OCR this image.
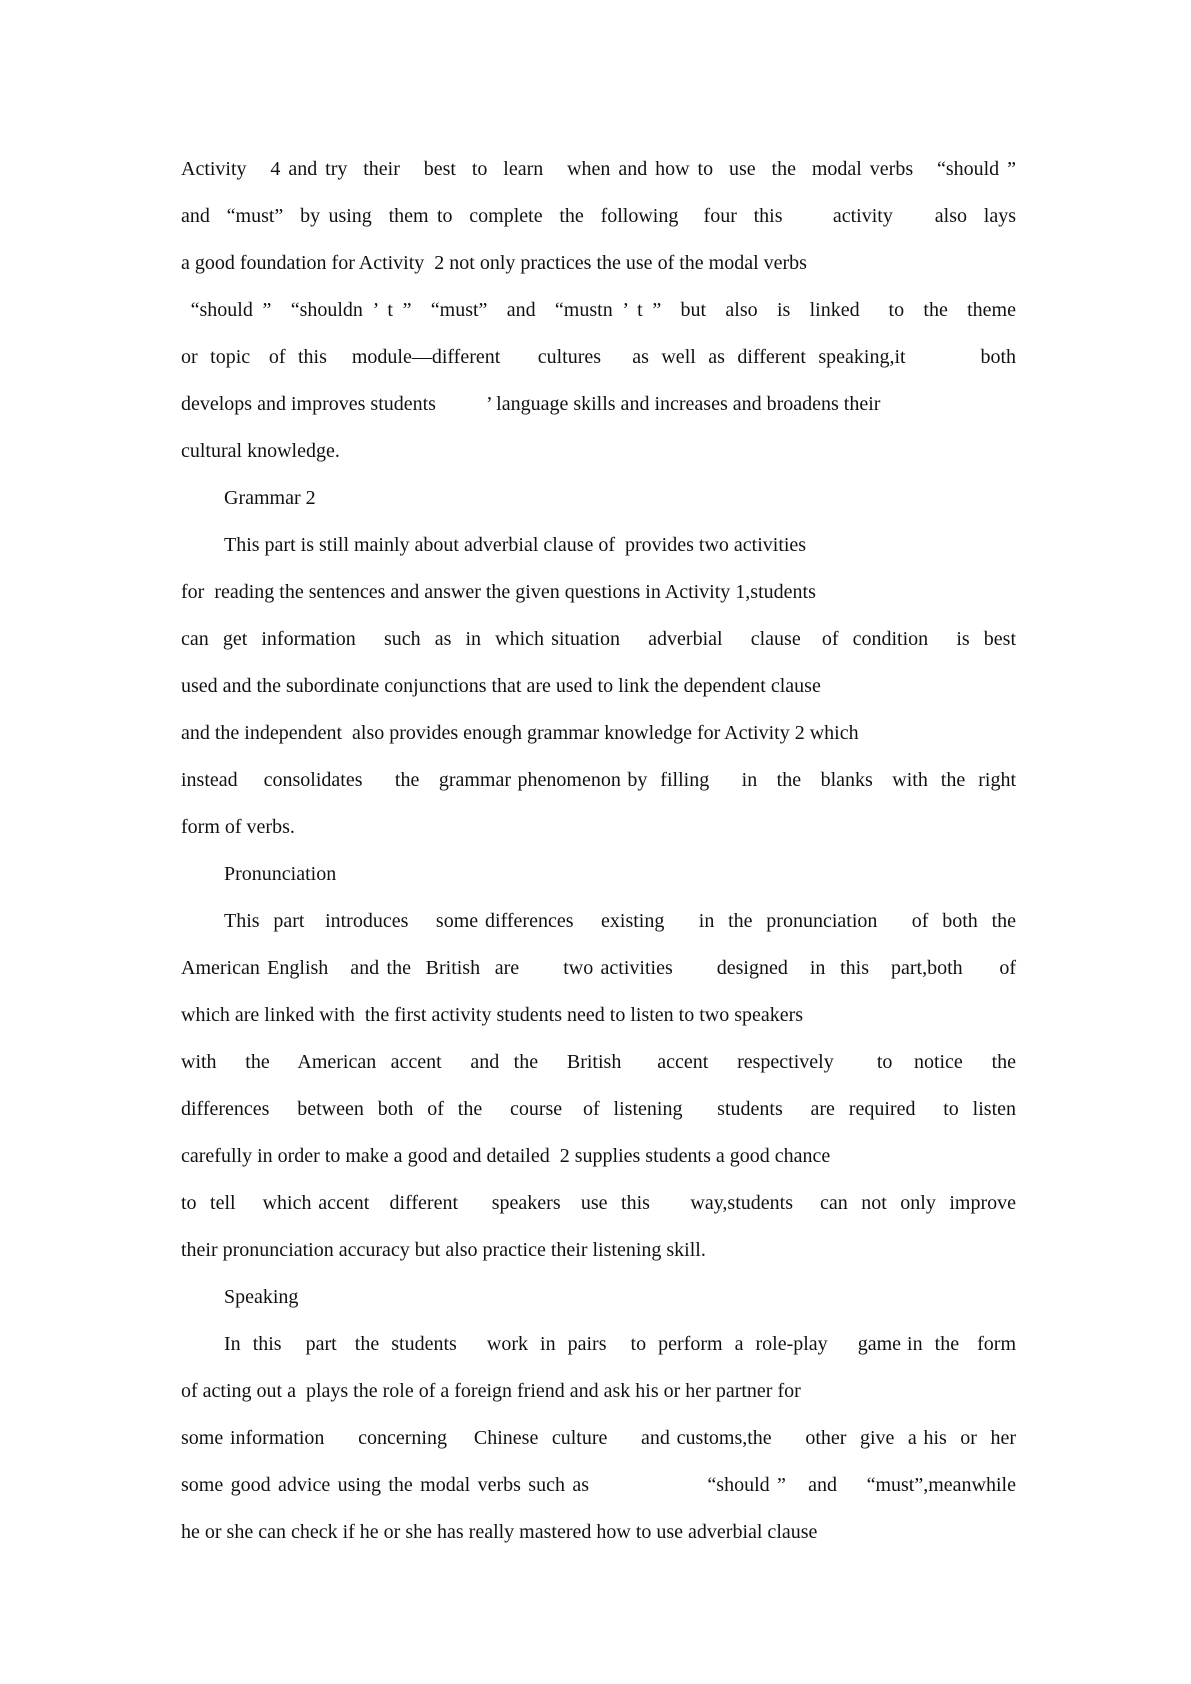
Activity   4 and try  their   best  to  learn   when and how to  use  the  modal verbs   “should ”
and  “must”  by using  them to  complete  the  following   four  this      activity     also  lays
a good foundation for Activity  2 not only practices the use of the modal verbs
“should ”  “shouldn ’ t ”  “must”  and  “mustn ’ t ”  but  also  is  linked   to  the  theme
or  topic   of  this    module—different      cultures     as  well  as  different  speaking,it            both
develops and improves students          ’ language skills and increases and broadens their
cultural knowledge.
Grammar 2
This part is still mainly about adverbial clause of  provides two activities
for  reading the sentences and answer the given questions in Activity 1,students
can  get  information    such  as  in  which situation    adverbial    clause   of  condition    is  best
used and the subordinate conjunctions that are used to link the dependent clause
and the independent  also provides enough grammar knowledge for Activity 2 which
instead    consolidates     the   grammar phenomenon by  filling     in   the   blanks   with  the  right
form of verbs.
Pronunciation
This  part   introduces    some differences    existing     in  the  pronunciation     of  both  the
American English   and the  British  are      two activities      designed   in  this   part,both     of
which are linked with  the first activity students need to listen to two speakers
with    the    American  accent    and  the    British     accent    respectively      to   notice    the
differences    between  both  of  the    course   of  listening     students    are  required    to  listen
carefully in order to make a good and detailed  2 supplies students a good chance
to  tell    which accent   different     speakers   use  this      way,students    can  not  only  improve
their pronunciation accuracy but also practice their listening skill.
Speaking
In  this    part   the  students     work  in  pairs    to  perform  a  role-play     game in  the   form
of acting out a  plays the role of a foreign friend and ask his or her partner for
some information     concerning    Chinese  culture     and customs,the     other  give  a his  or  her
some good advice using the modal verbs such as                “should ”   and    “must”,meanwhile
he or she can check if he or she has really mastered how to use adverbial clause
